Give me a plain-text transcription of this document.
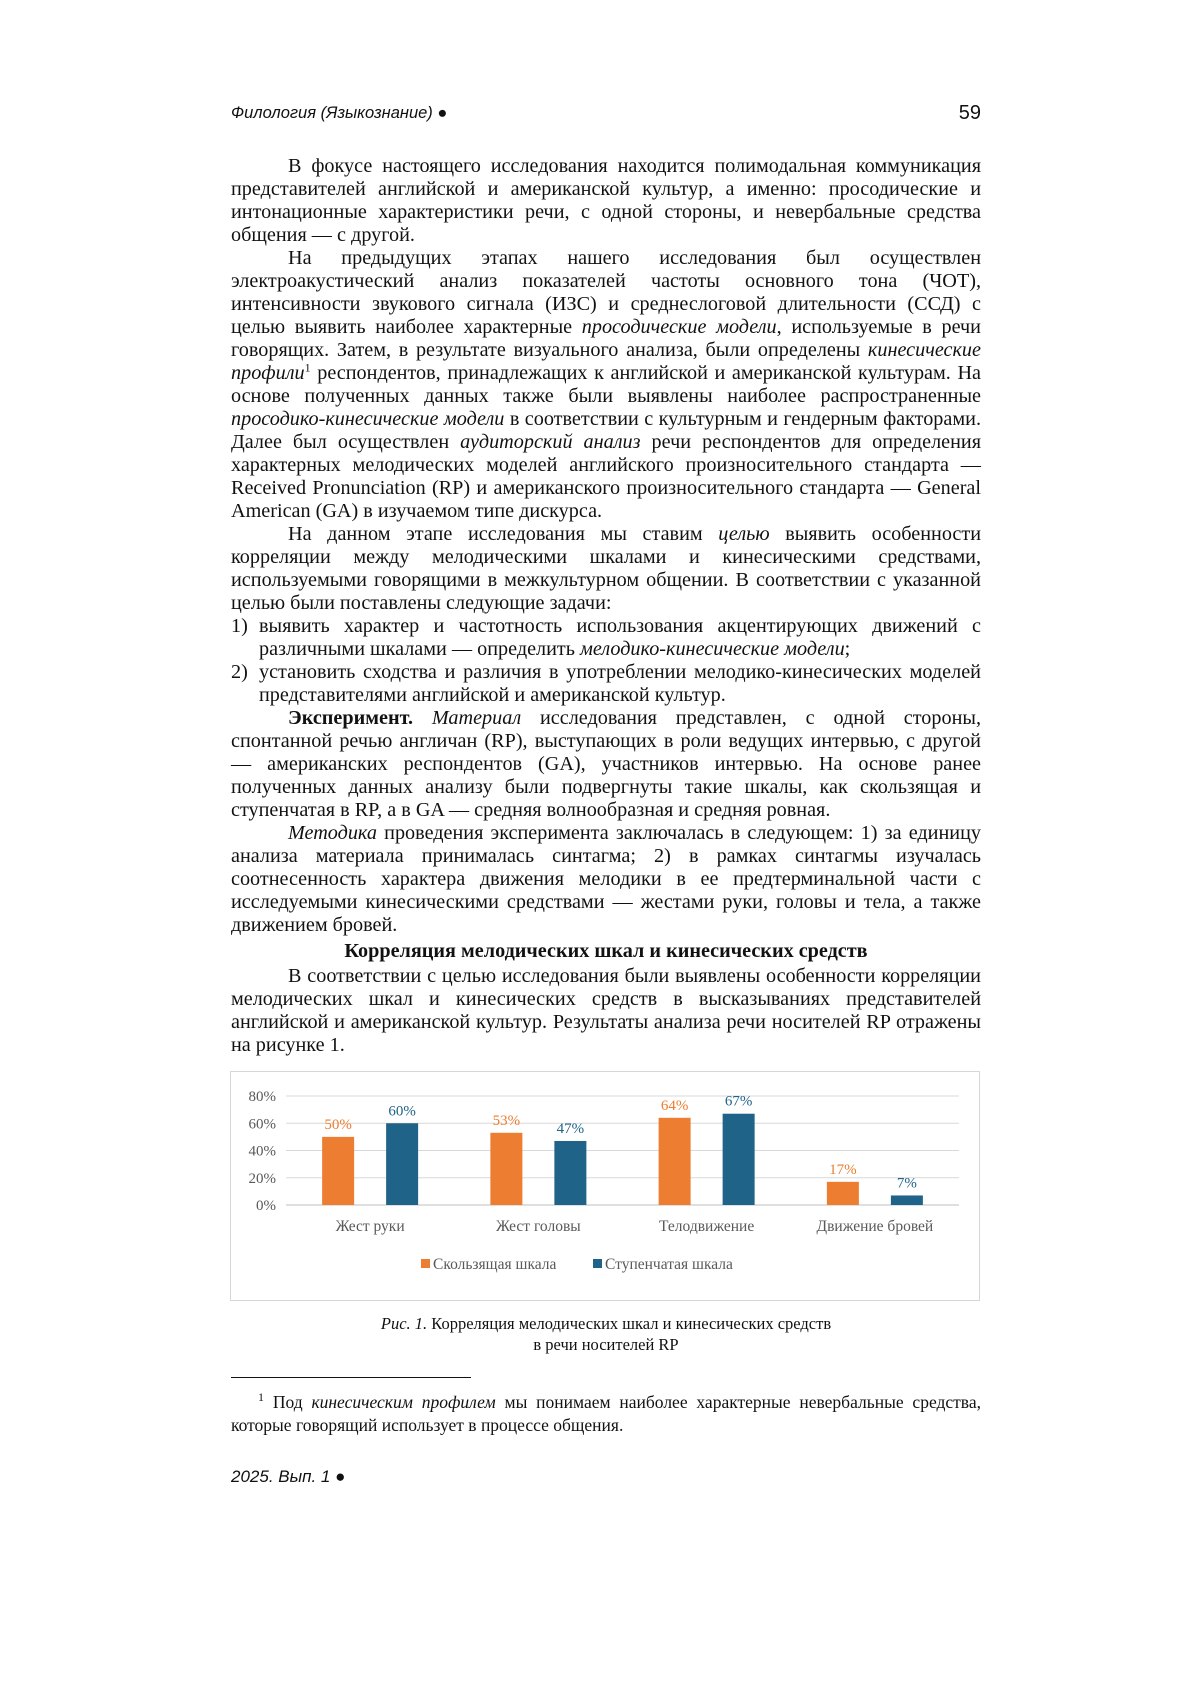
Филология (Языкознание) ●	59

В фокусе настоящего исследования находится полимодальная коммуникация представителей английской и американской культур, а именно: просодические и интонационные характеристики речи, с одной стороны, и невербальные средства общения — с другой.

На предыдущих этапах нашего исследования был осуществлен электроакустический анализ показателей частоты основного тона (ЧОТ), интенсивности звукового сигнала (ИЗС) и среднеслоговой длительности (ССД) с целью выявить наиболее характерные просодические модели, используемые в речи говорящих. Затем, в результате визуального анализа, были определены кинесические профили$^1$ респондентов, принадлежащих к английской и американской культурам. На основе полученных данных также были выявлены наиболее распространенные просодико-кинесические модели в соответствии с культурным и гендерным факторами. Далее был осуществлен аудиторский анализ речи респондентов для определения характерных мелодических моделей английского произносительного стандарта — Received Pronunciation (RP) и американского произносительного стандарта — General American (GA) в изучаемом типе дискурса.

На данном этапе исследования мы ставим целью выявить особенности корреляции между мелодическими шкалами и кинесическими средствами, используемыми говорящими в межкультурном общении. В соответствии с указанной целью были поставлены следующие задачи:

1) выявить характер и частотность использования акцентирующих движений с различными шкалами — определить мелодико-кинесические модели;
2) установить сходства и различия в употреблении мелодико-кинесических моделей представителями английской и американской культур.

Эксперимент. Материал исследования представлен, с одной стороны, спонтанной речью англичан (RP), выступающих в роли ведущих интервью, с другой — американских респондентов (GA), участников интервью. На основе ранее полученных данных анализу были подвергнуты такие шкалы, как скользящая и ступенчатая в RP, а в GA — средняя волнообразная и средняя ровная.

Методика проведения эксперимента заключалась в следующем: 1) за единицу анализа материала принималась синтагма; 2) в рамках синтагмы изучалась соотнесенность характера движения мелодики в ее предтерминальной части с исследуемыми кинесическими средствами — жестами руки, головы и тела, а также движением бровей.

Корреляция мелодических шкал и кинесических средств

В соответствии с целью исследования были выявлены особенности корреляции мелодических шкал и кинесических средств в высказываниях представителей английской и американской культур. Результаты анализа речи носителей RP отражены на рисунке 1.

0%
20%
40%
60%
80%
50%
60%
Жест руки
53%
47%
Жест головы
64% 67%
Телодвижение
17%
7%
Движение бровей
Скользящая шкала	Ступенчатая шкала
Рис. 1. Корреляция мелодических шкал и кинесических средств
в речи носителей RP
$^1$ Под кинесическим профилем мы понимаем наиболее характерные невербальные средства, которые говорящий использует в процессе общения.
2025. Вып. 1 ●
